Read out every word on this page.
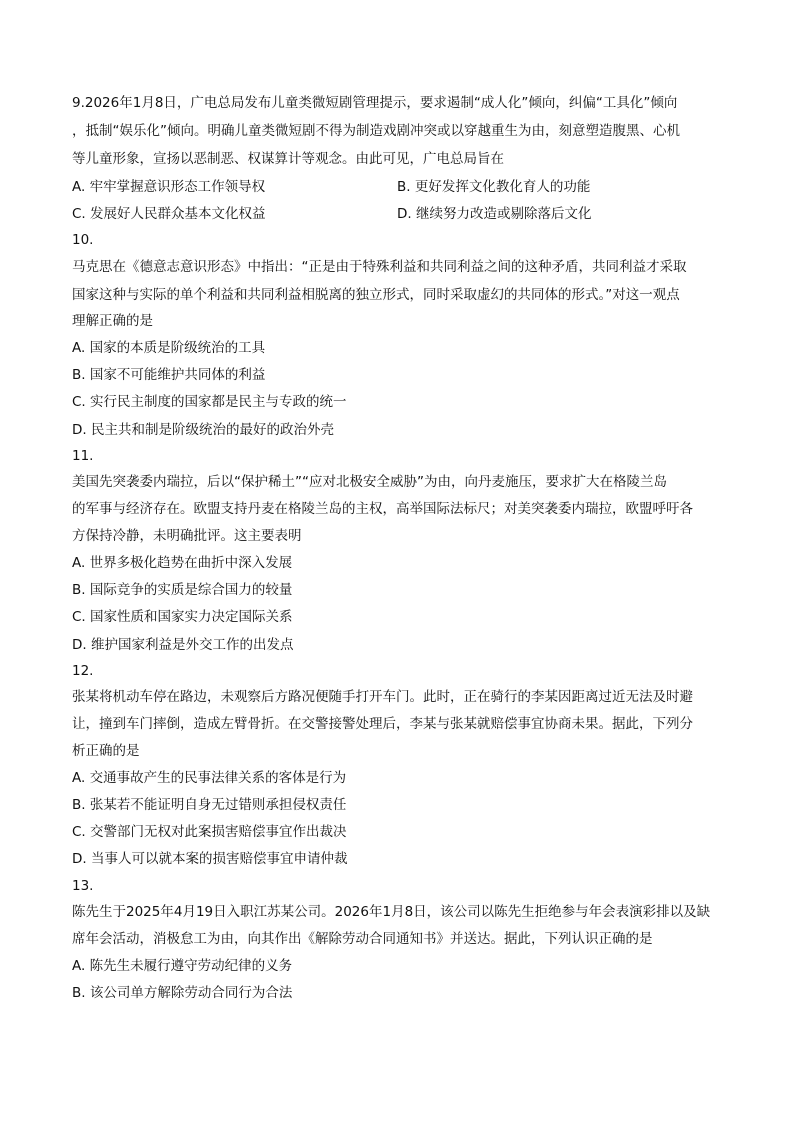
9.2026年1月8日，广电总局发布儿童类微短剧管理提示，要求遏制“成人化”倾向，纠偏“工具化”倾向
，抵制“娱乐化”倾向。明确儿童类微短剧不得为制造戏剧冲突或以穿越重生为由，刻意塑造腹黑、心机
等儿童形象，宣扬以恶制恶、权谋算计等观念。由此可见，广电总局旨在
A. 牢牢掌握意识形态工作领导权	B. 更好发挥文化教化育人的功能
C. 发展好人民群众基本文化权益	D. 继续努力改造或剔除落后文化
10.
马克思在《德意志意识形态》中指出：“正是由于特殊利益和共同利益之间的这种矛盾，共同利益才采取
国家这种与实际的单个利益和共同利益相脱离的独立形式，同时采取虚幻的共同体的形式。”对这一观点
理解正确的是
A. 国家的本质是阶级统治的工具
B. 国家不可能维护共同体的利益
C. 实行民主制度的国家都是民主与专政的统一
D. 民主共和制是阶级统治的最好的政治外壳
11.
美国先突袭委内瑞拉，后以“保护稀土”“应对北极安全威胁”为由，向丹麦施压，要求扩大在格陵兰岛
的军事与经济存在。欧盟支持丹麦在格陵兰岛的主权，高举国际法标尺；对美突袭委内瑞拉，欧盟呼吁各
方保持冷静，未明确批评。这主要表明
A. 世界多极化趋势在曲折中深入发展
B. 国际竞争的实质是综合国力的较量
C. 国家性质和国家实力决定国际关系
D. 维护国家利益是外交工作的出发点
12.
张某将机动车停在路边，未观察后方路况便随手打开车门。此时，正在骑行的李某因距离过近无法及时避
让，撞到车门摔倒，造成左臂骨折。在交警接警处理后，李某与张某就赔偿事宜协商未果。据此，下列分
析正确的是
A. 交通事故产生的民事法律关系的客体是行为
B. 张某若不能证明自身无过错则承担侵权责任
C. 交警部门无权对此案损害赔偿事宜作出裁决
D. 当事人可以就本案的损害赔偿事宜申请仲裁
13.
陈先生于2025年4月19日入职江苏某公司。2026年1月8日，该公司以陈先生拒绝参与年会表演彩排以及缺
席年会活动，消极怠工为由，向其作出《解除劳动合同通知书》并送达。据此，下列认识正确的是
A. 陈先生未履行遵守劳动纪律的义务
B. 该公司单方解除劳动合同行为合法
